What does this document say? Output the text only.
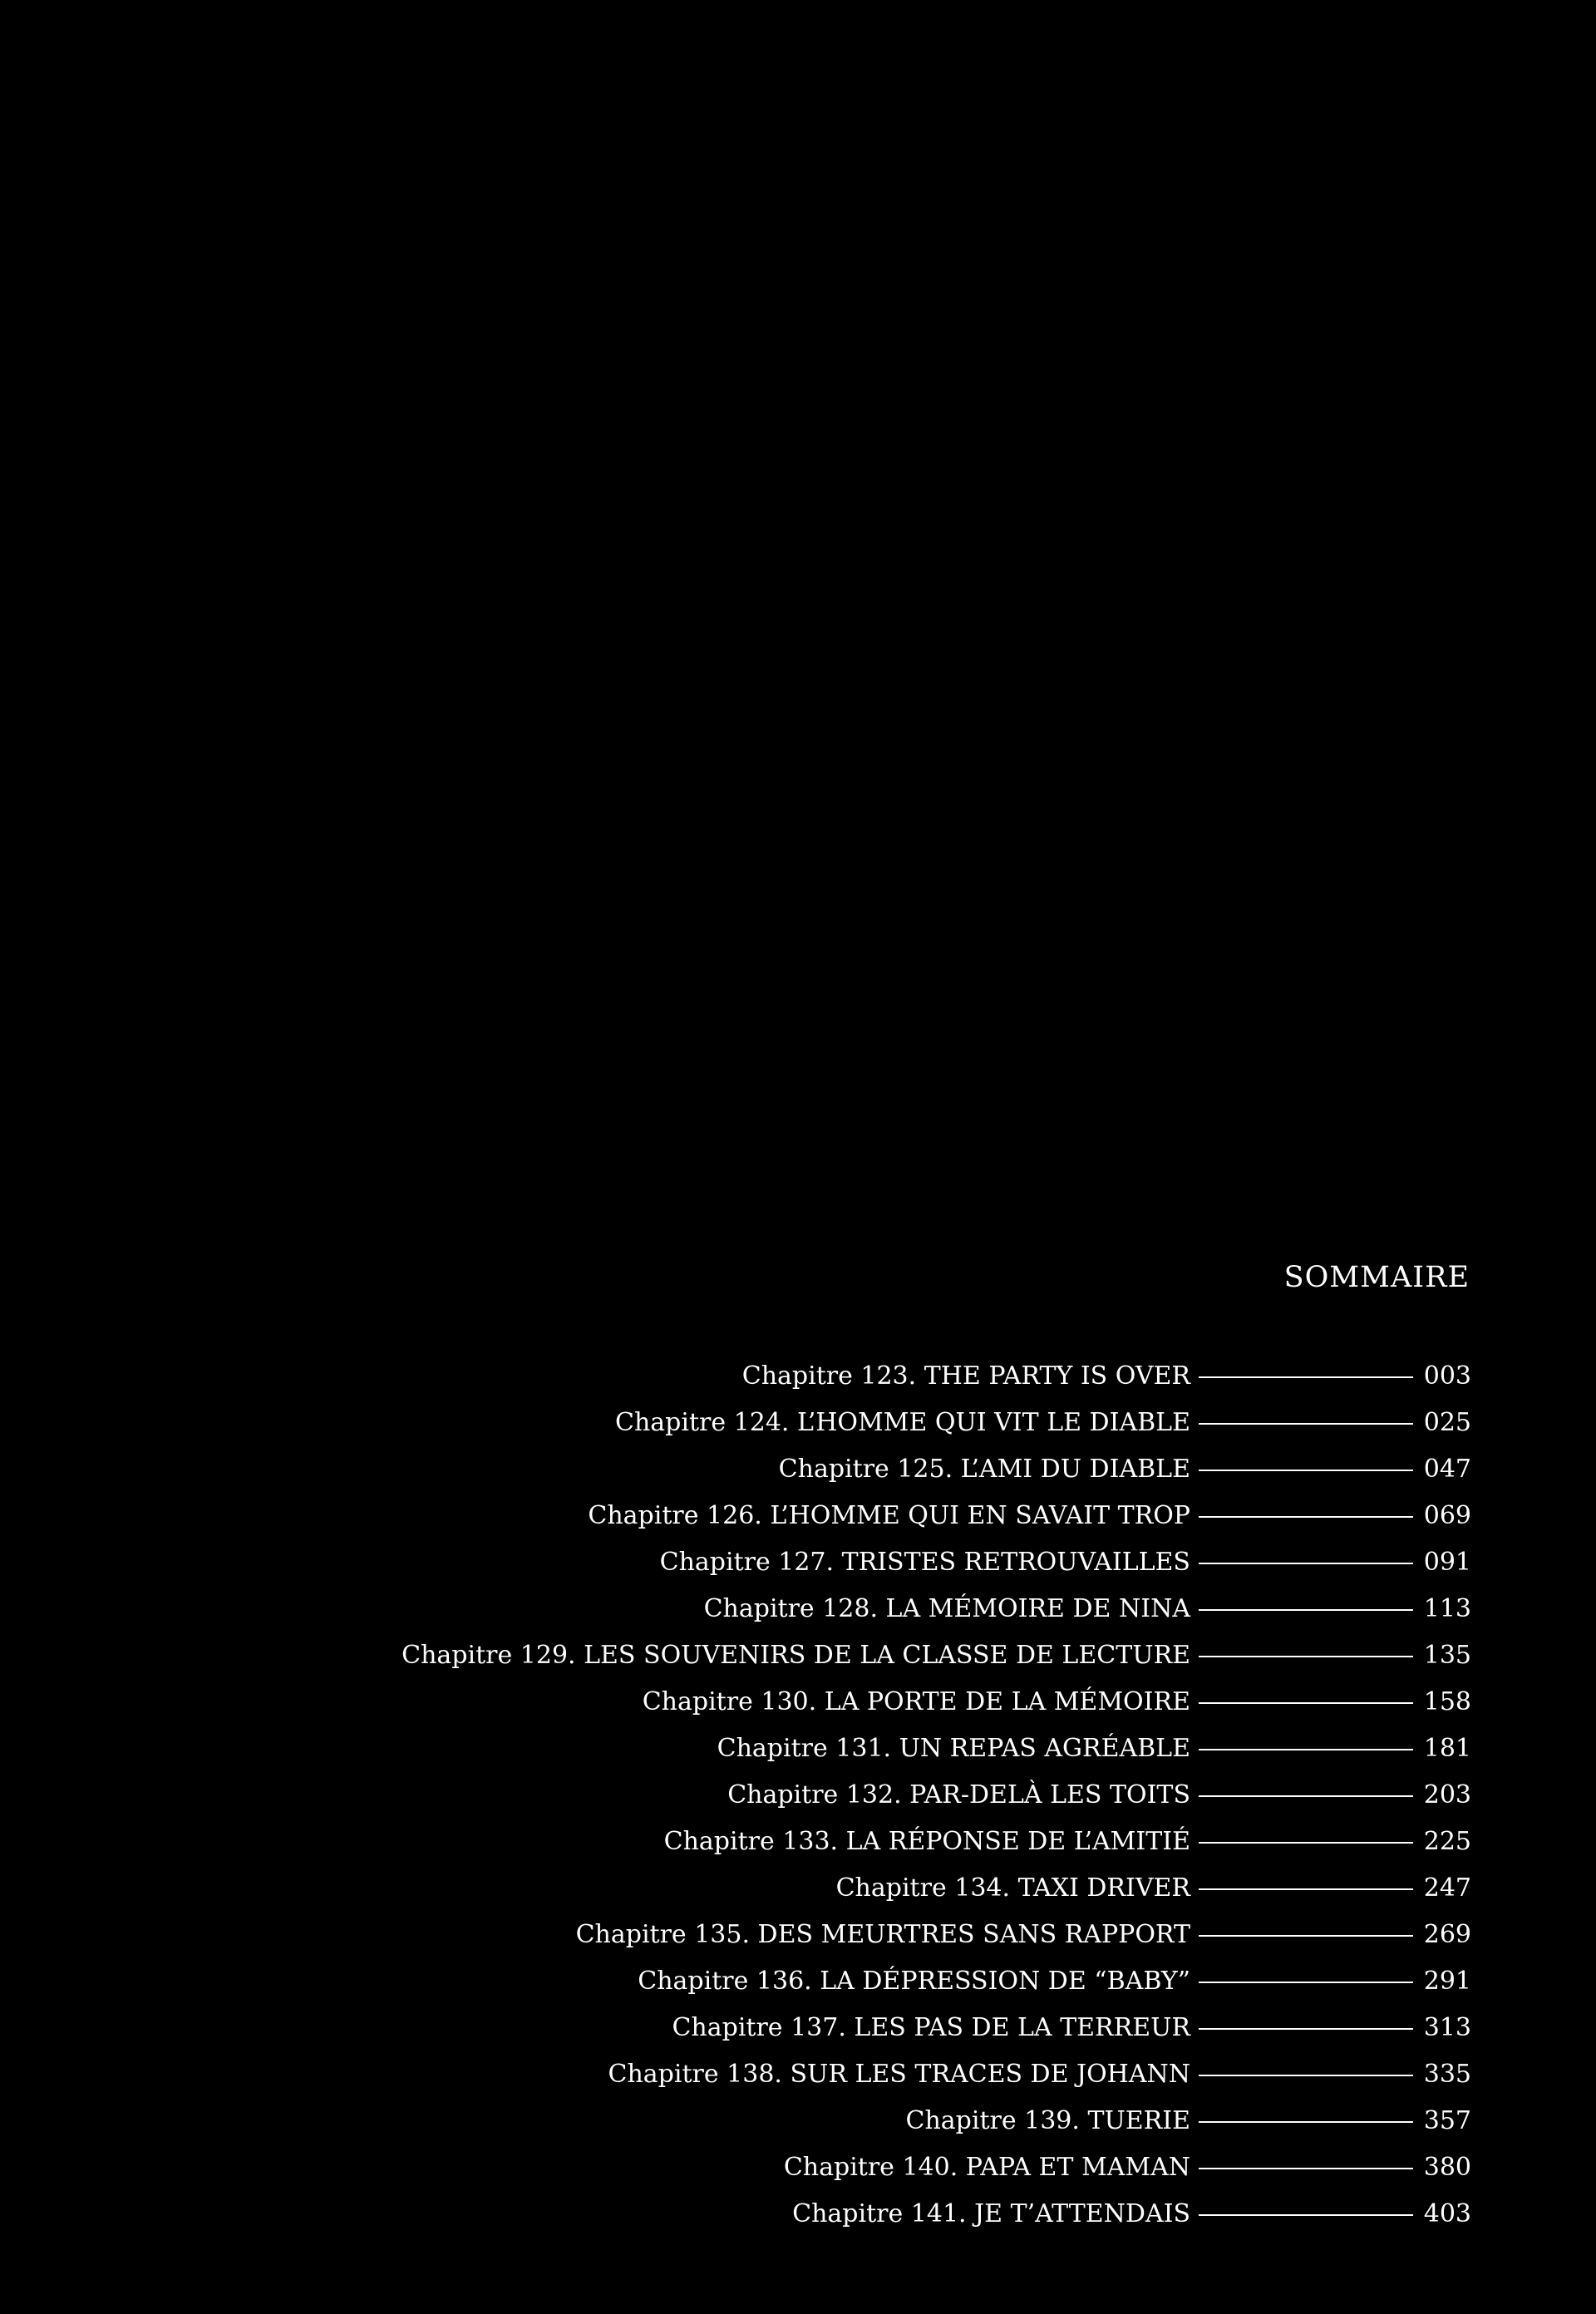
SOMMAIRE
Chapitre 123. THE PARTY IS OVER	003
Chapitre 124. L’HOMME QUI VIT LE DIABLE	025
Chapitre 125. L’AMI DU DIABLE	047
Chapitre 126. L’HOMME QUI EN SAVAIT TROP	069
Chapitre 127. TRISTES RETROUVAILLES	091
Chapitre 128. LA MÉMOIRE DE NINA	113
Chapitre 129. LES SOUVENIRS DE LA CLASSE DE LECTURE	135
Chapitre 130. LA PORTE DE LA MÉMOIRE	158
Chapitre 131. UN REPAS AGRÉABLE	181
Chapitre 132. PAR-DELÀ LES TOITS	203
Chapitre 133. LA RÉPONSE DE L’AMITIÉ	225
Chapitre 134. TAXI DRIVER	247
Chapitre 135. DES MEURTRES SANS RAPPORT	269
Chapitre 136. LA DÉPRESSION DE “BABY”	291
Chapitre 137. LES PAS DE LA TERREUR	313
Chapitre 138. SUR LES TRACES DE JOHANN	335
Chapitre 139. TUERIE	357
Chapitre 140. PAPA ET MAMAN	380
Chapitre 141. JE T’ATTENDAIS	403
